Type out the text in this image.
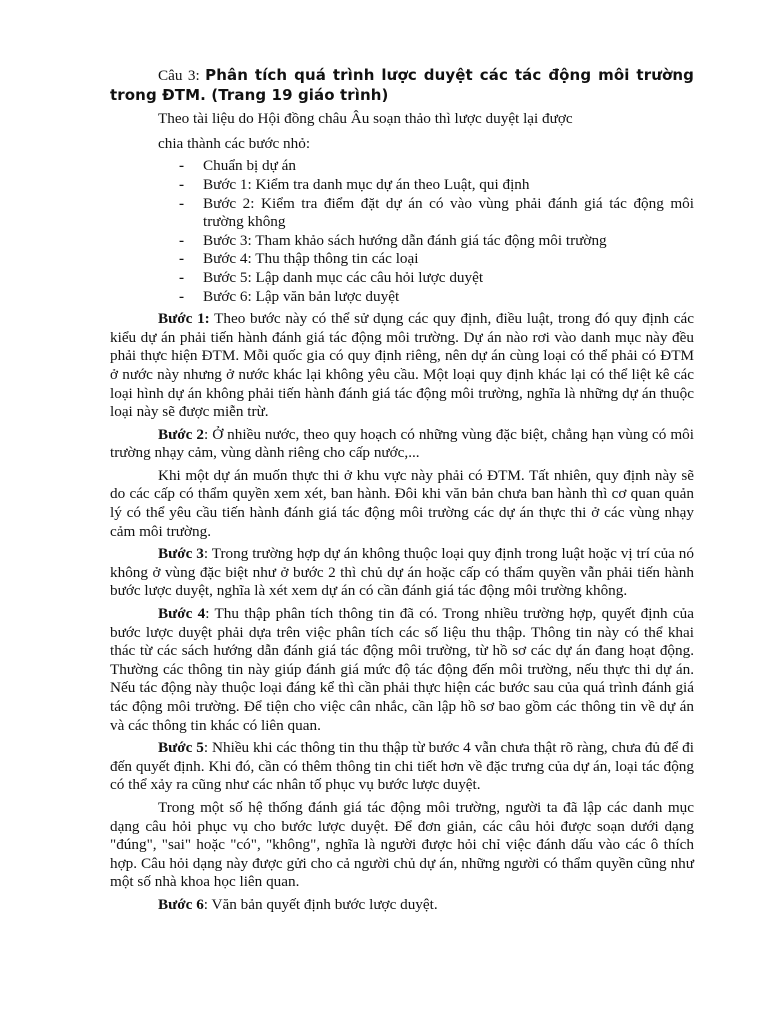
Câu 3: Phân tích quá trình lược duyệt các tác động môi trường trong ĐTM. (Trang 19 giáo trình)

Theo tài liệu do Hội đồng châu Âu soạn thảo thì lược duyệt lại được

chia thành các bước nhỏ:

- Chuẩn bị dự án
- Bước 1: Kiểm tra danh mục dự án theo Luật, qui định
- Bước 2: Kiểm tra điểm đặt dự án có vào vùng phải đánh giá tác động môi trường không
- Bước 3: Tham khảo sách hướng dẫn đánh giá tác động môi trường
- Bước 4: Thu thập thông tin các loại
- Bước 5: Lập danh mục các câu hỏi lược duyệt
- Bước 6: Lập văn bản lược duyệt

Bước 1: Theo bước này có thể sử dụng các quy định, điều luật, trong đó quy định các kiểu dự án phải tiến hành đánh giá tác động môi trường. Dự án nào rơi vào danh mục này đều phải thực hiện ĐTM. Mỗi quốc gia có quy định riêng, nên dự án cùng loại có thể phải có ĐTM ở nước này nhưng ở nước khác lại không yêu cầu. Một loại quy định khác lại có thể liệt kê các loại hình dự án không phải tiến hành đánh giá tác động môi trường, nghĩa là những dự án thuộc loại này sẽ được miễn trừ.

Bước 2: Ở nhiều nước, theo quy hoạch có những vùng đặc biệt, chẳng hạn vùng có môi trường nhạy cảm, vùng dành riêng cho cấp nước,...

Khi một dự án muốn thực thi ở khu vực này phải có ĐTM. Tất nhiên, quy định này sẽ do các cấp có thẩm quyền xem xét, ban hành. Đôi khi văn bản chưa ban hành thì cơ quan quản lý có thể yêu cầu tiến hành đánh giá tác động môi trường các dự án thực thi ở các vùng nhạy cảm môi trường.

Bước 3: Trong trường hợp dự án không thuộc loại quy định trong luật hoặc vị trí của nó không ở vùng đặc biệt như ở bước 2 thì chủ dự án hoặc cấp có thẩm quyền vẫn phải tiến hành bước lược duyệt, nghĩa là xét xem dự án có cần đánh giá tác động môi trường không.

Bước 4: Thu thập phân tích thông tin đã có. Trong nhiều trường hợp, quyết định của bước lược duyệt phải dựa trên việc phân tích các số liệu thu thập. Thông tin này có thể khai thác từ các sách hướng dẫn đánh giá tác động môi trường, từ hồ sơ các dự án đang hoạt động. Thường các thông tin này giúp đánh giá mức độ tác động đến môi trường, nếu thực thi dự án. Nếu tác động này thuộc loại đáng kể thì cần phải thực hiện các bước sau của quá trình đánh giá tác động môi trường. Để tiện cho việc cân nhắc, cần lập hồ sơ bao gồm các thông tin về dự án và các thông tin khác có liên quan.

Bước 5: Nhiều khi các thông tin thu thập từ bước 4 vẫn chưa thật rõ ràng, chưa đủ để đi đến quyết định. Khi đó, cần có thêm thông tin chi tiết hơn về đặc trưng của dự án, loại tác động có thể xảy ra cũng như các nhân tố phục vụ bước lược duyệt.

Trong một số hệ thống đánh giá tác động môi trường, người ta đã lập các danh mục dạng câu hỏi phục vụ cho bước lược duyệt. Để đơn giản, các câu hỏi được soạn dưới dạng "đúng", "sai" hoặc "có", "không", nghĩa là người được hỏi chỉ việc đánh dấu vào các ô thích hợp. Câu hỏi dạng này được gửi cho cả người chủ dự án, những người có thẩm quyền cũng như một số nhà khoa học liên quan.

Bước 6: Văn bản quyết định bước lược duyệt.
